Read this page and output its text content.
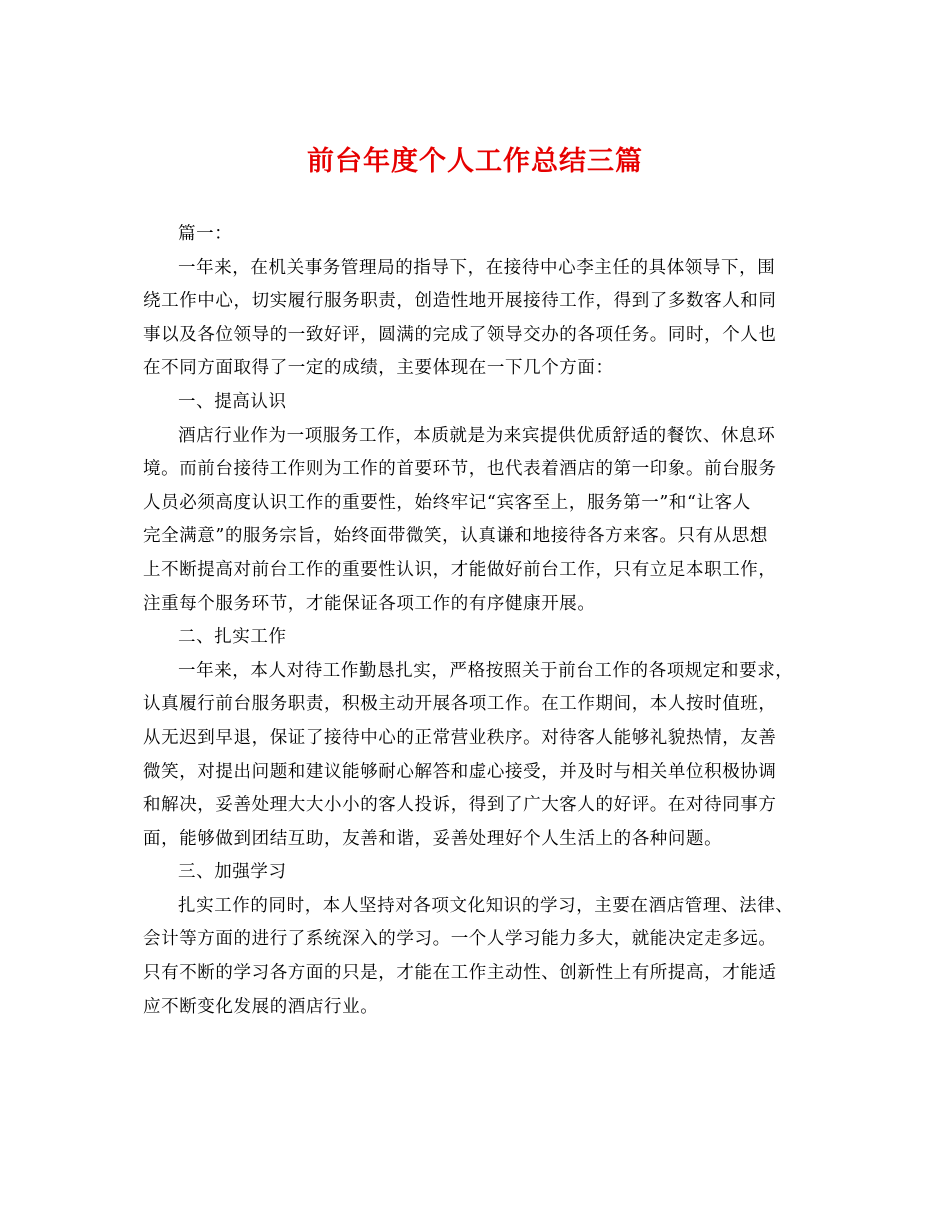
前台年度个人工作总结三篇

篇一：

一年来，在机关事务管理局的指导下，在接待中心李主任的具体领导下，围
绕工作中心，切实履行服务职责，创造性地开展接待工作，得到了多数客人和同
事以及各位领导的一致好评，圆满的完成了领导交办的各项任务。同时，个人也
在不同方面取得了一定的成绩，主要体现在一下几个方面：

一、提高认识

酒店行业作为一项服务工作，本质就是为来宾提供优质舒适的餐饮、休息环
境。而前台接待工作则为工作的首要环节，也代表着酒店的第一印象。前台服务
人员必须高度认识工作的重要性，始终牢记“宾客至上，服务第一”和“让客人
完全满意”的服务宗旨，始终面带微笑，认真谦和地接待各方来客。只有从思想
上不断提高对前台工作的重要性认识，才能做好前台工作，只有立足本职工作，
注重每个服务环节，才能保证各项工作的有序健康开展。

二、扎实工作

一年来，本人对待工作勤恳扎实，严格按照关于前台工作的各项规定和要求，
认真履行前台服务职责，积极主动开展各项工作。在工作期间，本人按时值班，
从无迟到早退，保证了接待中心的正常营业秩序。对待客人能够礼貌热情，友善
微笑，对提出问题和建议能够耐心解答和虚心接受，并及时与相关单位积极协调
和解决，妥善处理大大小小的客人投诉，得到了广大客人的好评。在对待同事方
面，能够做到团结互助，友善和谐，妥善处理好个人生活上的各种问题。

三、加强学习

扎实工作的同时，本人坚持对各项文化知识的学习，主要在酒店管理、法律、
会计等方面的进行了系统深入的学习。一个人学习能力多大，就能决定走多远。
只有不断的学习各方面的只是，才能在工作主动性、创新性上有所提高，才能适
应不断变化发展的酒店行业。
